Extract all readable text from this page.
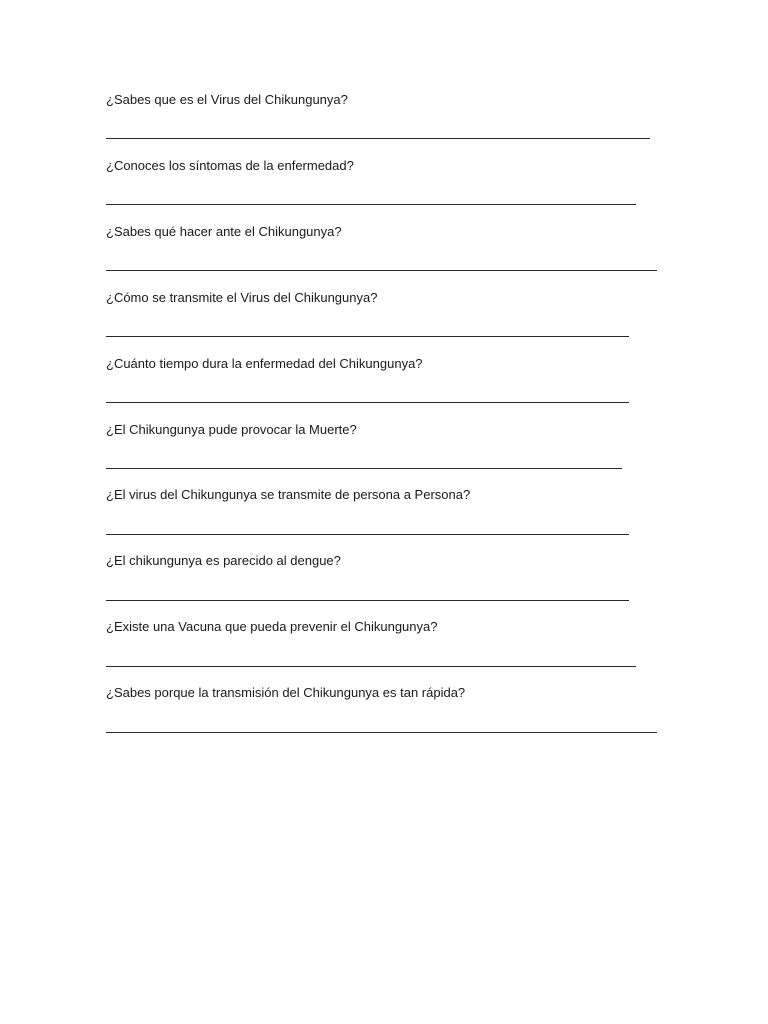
¿Sabes que es el Virus del Chikungunya?
¿Conoces los síntomas de la enfermedad?
¿Sabes qué hacer ante el Chikungunya?
¿Cómo se transmite el Virus del Chikungunya?
¿Cuánto tiempo dura la enfermedad del Chikungunya?
¿El Chikungunya pude provocar la Muerte?
¿El virus del Chikungunya se transmite de persona a Persona?
¿El chikungunya es parecido al dengue?
¿Existe una Vacuna que pueda prevenir el Chikungunya?
¿Sabes porque la transmisión del Chikungunya es tan rápida?
